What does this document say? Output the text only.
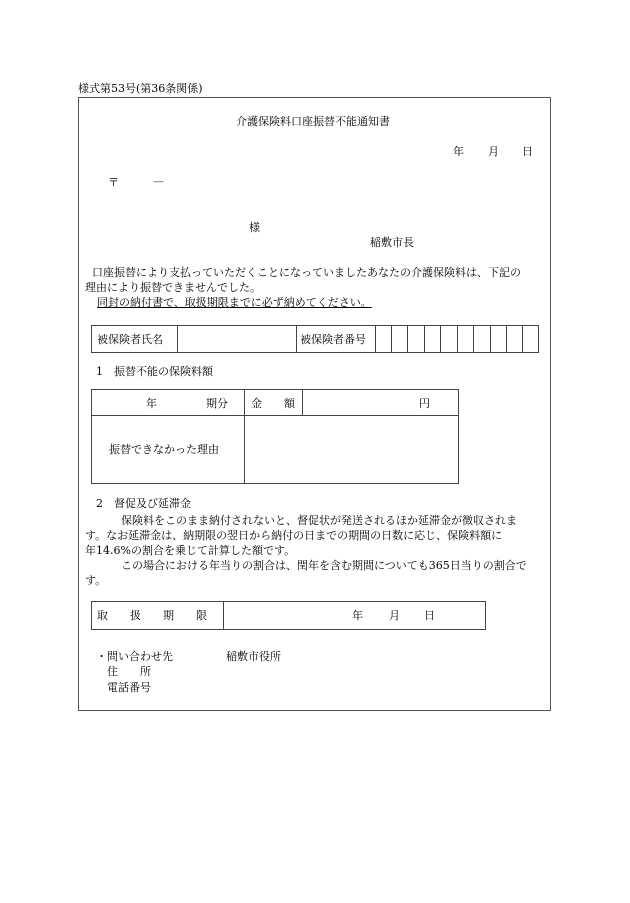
様式第53号(第36条関係)
介護保険料口座振替不能通知書
年 月 日
〒	—
様
稲敷市長
口座振替により支払っていただくことになっていましたあなたの介護保険料は、下記の
理由により振替できませんでした。
同封の納付書で、取扱期限までに必ず納めてください。
被保険者氏名	被保険者番号
1　振替不能の保険料額
年	期分 金　　額	円
振替できなかった理由
2　督促及び延滞金
保険料をこのまま納付されないと、督促状が発送されるほか延滞金が徴収されま
す。なお延滞金は、納期限の翌日から納付の日までの期間の日数に応じ、保険料額に
年14.6%の割合を乗じて計算した額です。
この場合における年当りの割合は、閏年を含む期間についても365日当りの割合で
す。
取　　扱　　期　　限	年 月 日
・問い合わせ先	稲敷市役所
住　　所
電話番号
